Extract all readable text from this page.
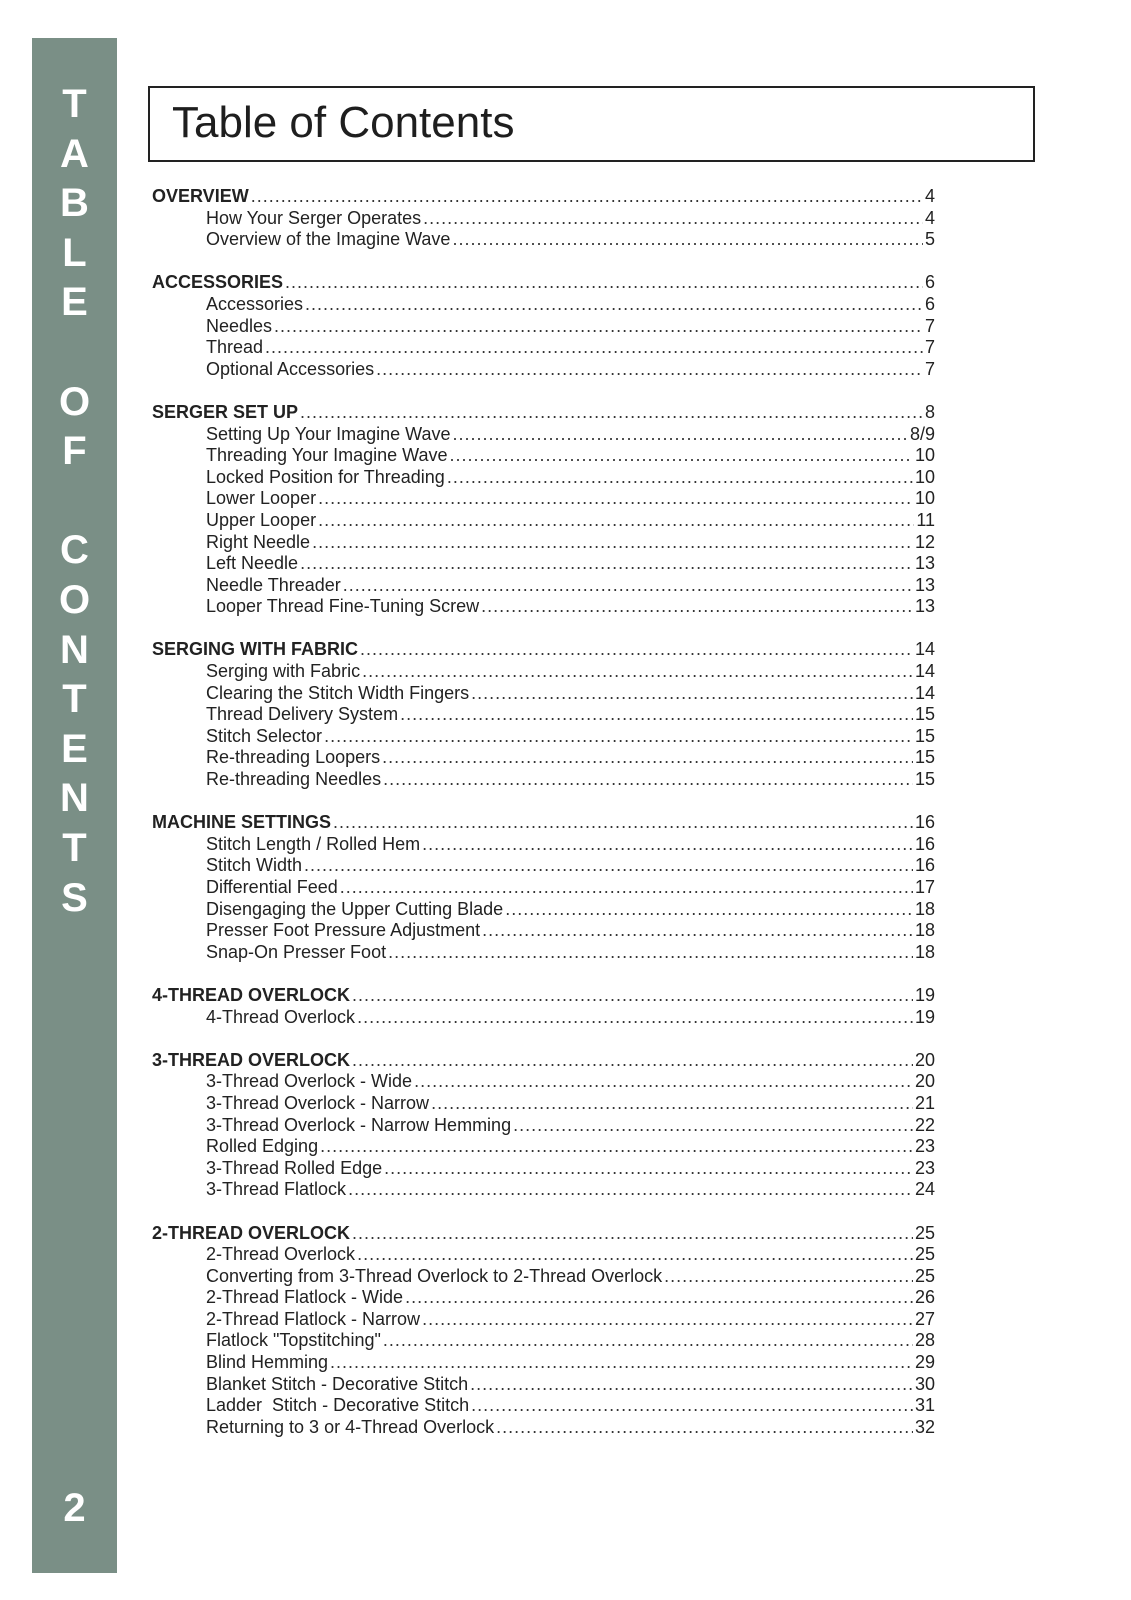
T
A
B
L
E
O
F
C
O
N
T
E
N
T
S
2
Table of Contents
OVERVIEW .....	4
How Your Serger Operates .....	4
Overview of the Imagine Wave .....	5
ACCESSORIES .....	6
Accessories .....	6
Needles .....	7
Thread .....	7
Optional Accessories .....	7
SERGER SET UP .....	8
Setting Up Your Imagine Wave .....	8/9
Threading Your Imagine Wave .....	10
Locked Position for Threading .....	10
Lower Looper .....	10
Upper Looper .....	11
Right Needle .....	12
Left Needle .....	13
Needle Threader .....	13
Looper Thread Fine-Tuning Screw .....	13
SERGING WITH FABRIC .....	14
Serging with Fabric .....	14
Clearing the Stitch Width Fingers .....	14
Thread Delivery System .....	15
Stitch Selector .....	15
Re-threading Loopers .....	15
Re-threading Needles .....	15
MACHINE SETTINGS .....	16
Stitch Length / Rolled Hem .....	16
Stitch Width .....	16
Differential Feed .....	17
Disengaging the Upper Cutting Blade .....	18
Presser Foot Pressure Adjustment .....	18
Snap-On Presser Foot .....	18
4-THREAD OVERLOCK .....	19
4-Thread Overlock .....	19
3-THREAD OVERLOCK .....	20
3-Thread Overlock - Wide .....	20
3-Thread Overlock - Narrow .....	21
3-Thread Overlock - Narrow Hemming .....	22
Rolled Edging .....	23
3-Thread Rolled Edge .....	23
3-Thread Flatlock .....	24
2-THREAD OVERLOCK .....	25
2-Thread Overlock .....	25
Converting from 3-Thread Overlock to 2-Thread Overlock .....	25
2-Thread Flatlock - Wide .....	26
2-Thread Flatlock - Narrow .....	27
Flatlock "Topstitching" .....	28
Blind Hemming .....	29
Blanket Stitch - Decorative Stitch .....	30
Ladder  Stitch - Decorative Stitch .....	31
Returning to 3 or 4-Thread Overlock .....	32
